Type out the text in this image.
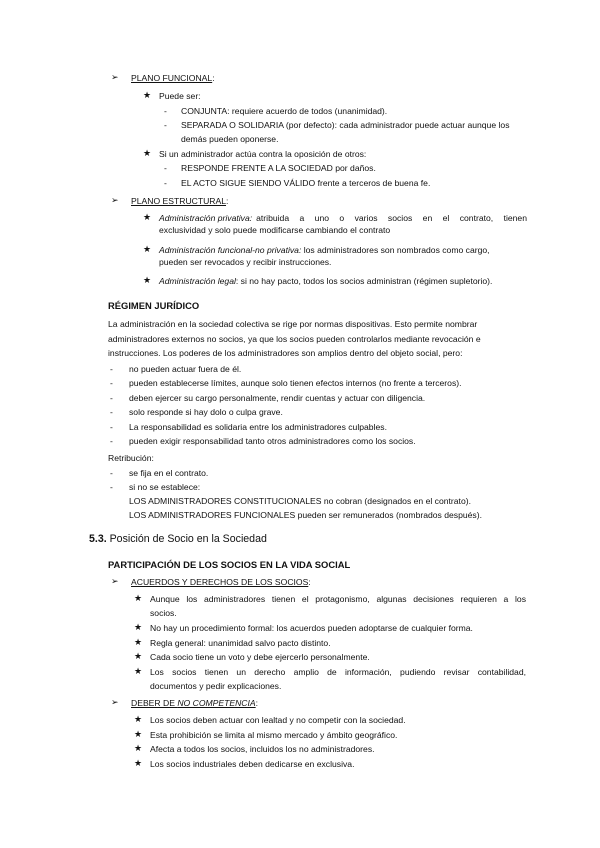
➢ PLANO FUNCIONAL:
★ Puede ser:
- CONJUNTA: requiere acuerdo de todos (unanimidad).
- SEPARADA O SOLIDARIA (por defecto): cada administrador puede actuar aunque los
demás pueden oponerse.
★ Si un administrador actúa contra la oposición de otros:
- RESPONDE FRENTE A LA SOCIEDAD por daños.
- EL ACTO SIGUE SIENDO VÁLIDO frente a terceros de buena fe.
➢ PLANO ESTRUCTURAL:
★ Administración privativa: atribuida a uno o varios socios en el contrato, tienen
exclusividad y solo puede modificarse cambiando el contrato
★ Administración funcional-no privativa: los administradores son nombrados como cargo,
pueden ser revocados y recibir instrucciones.
★ Administración legal: si no hay pacto, todos los socios administran (régimen supletorio).
RÉGIMEN JURÍDICO
La administración en la sociedad colectiva se rige por normas dispositivas. Esto permite nombrar
administradores externos no socios, ya que los socios pueden controlarlos mediante revocación e
instrucciones. Los poderes de los administradores son amplios dentro del objeto social, pero:
- no pueden actuar fuera de él.
- pueden establecerse límites, aunque solo tienen efectos internos (no frente a terceros).
- deben ejercer su cargo personalmente, rendir cuentas y actuar con diligencia.
- solo responde si hay dolo o culpa grave.
- La responsabilidad es solidaria entre los administradores culpables.
- pueden exigir responsabilidad tanto otros administradores como los socios.
Retribución:
- se fija en el contrato.
- si no se establece:
LOS ADMINISTRADORES CONSTITUCIONALES no cobran (designados en el contrato).
LOS ADMINISTRADORES FUNCIONALES pueden ser remunerados (nombrados después).
5.3. Posición de Socio en la Sociedad
PARTICIPACIÓN DE LOS SOCIOS EN LA VIDA SOCIAL
➢ ACUERDOS Y DERECHOS DE LOS SOCIOS:
★ Aunque los administradores tienen el protagonismo, algunas decisiones requieren a los
socios.
★ No hay un procedimiento formal: los acuerdos pueden adoptarse de cualquier forma.
★ Regla general: unanimidad salvo pacto distinto.
★ Cada socio tiene un voto y debe ejercerlo personalmente.
★ Los socios tienen un derecho amplio de información, pudiendo revisar contabilidad,
documentos y pedir explicaciones.
➢ DEBER DE NO COMPETENCIA:
★ Los socios deben actuar con lealtad y no competir con la sociedad.
★ Esta prohibición se limita al mismo mercado y ámbito geográfico.
★ Afecta a todos los socios, incluidos los no administradores.
★ Los socios industriales deben dedicarse en exclusiva.
